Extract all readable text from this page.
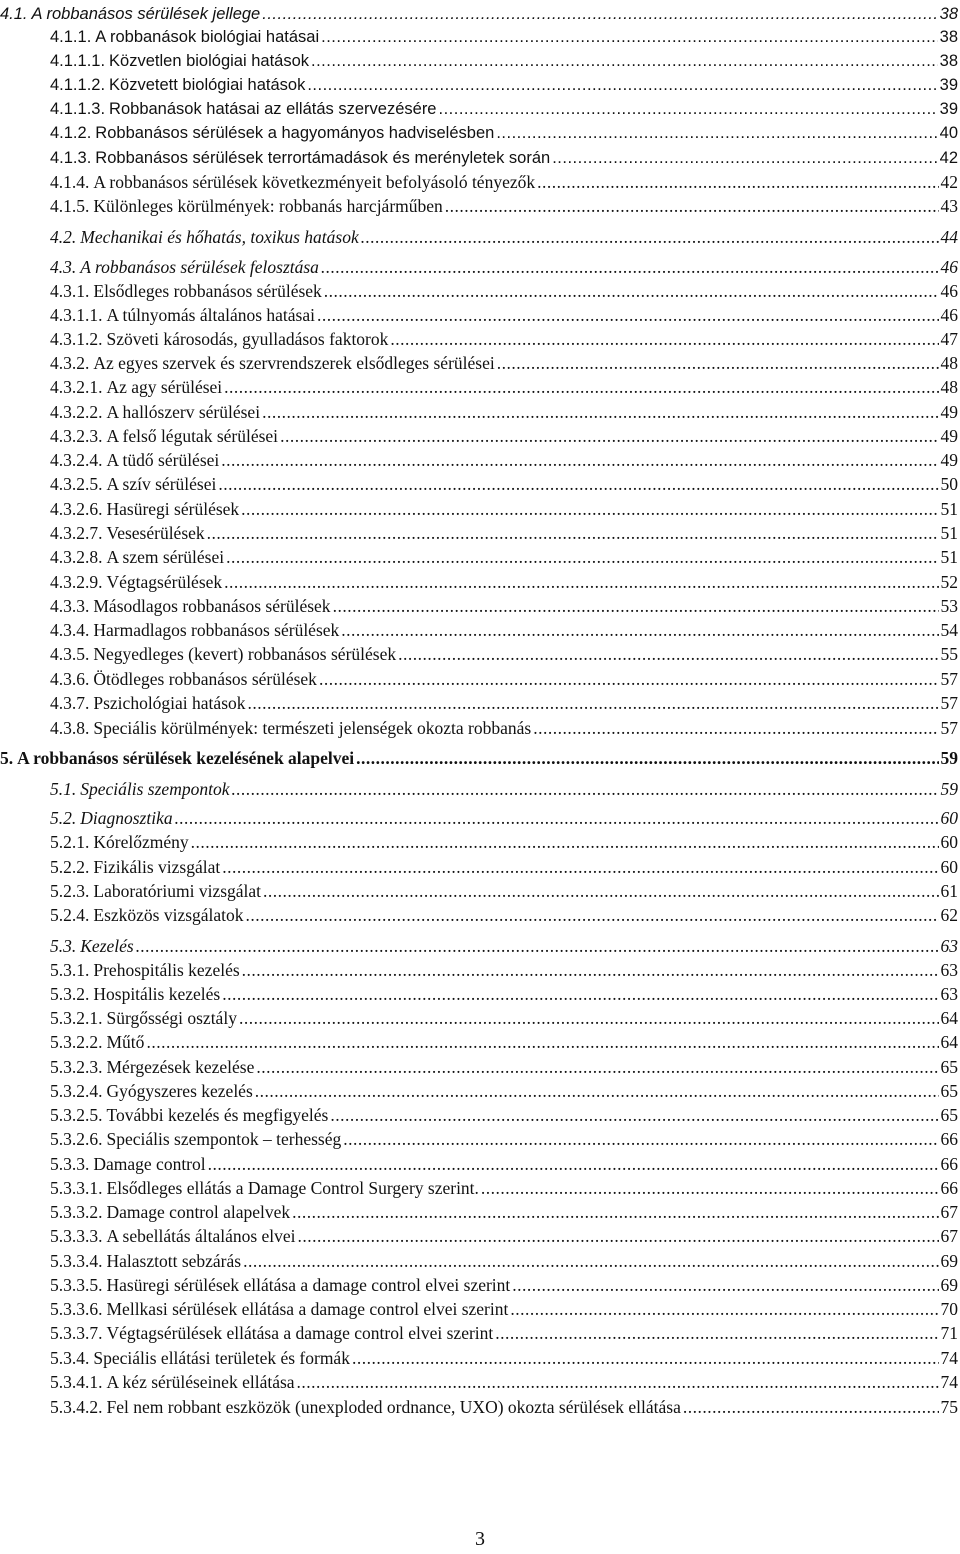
4.1. A robbanásos sérülések jellege .....	38
4.1.1. A robbanások biológiai hatásai .....	38
4.1.1.1. Közvetlen biológiai hatások .....	38
4.1.1.2. Közvetett biológiai hatások .....	39
4.1.1.3. Robbanások hatásai az ellátás szervezésére .....	39
4.1.2. Robbanásos sérülések a hagyományos hadviselésben .....	40
4.1.3. Robbanásos sérülések terrortámadások és merényletek során .....	42
4.1.4. A robbanásos sérülések következményeit befolyásoló tényezők .....	42
4.1.5. Különleges körülmények: robbanás harcjárműben .....	43
4.2. Mechanikai és hőhatás, toxikus hatások .....	44
4.3. A robbanásos sérülések felosztása .....	46
4.3.1. Elsődleges robbanásos sérülések .....	46
4.3.1.1. A túlnyomás általános hatásai .....	46
4.3.1.2. Szöveti károsodás, gyulladásos faktorok .....	47
4.3.2. Az egyes szervek és szervrendszerek elsődleges sérülései .....	48
4.3.2.1. Az agy sérülései .....	48
4.3.2.2. A hallószerv sérülései .....	49
4.3.2.3. A felső légutak sérülései .....	49
4.3.2.4. A tüdő sérülései .....	49
4.3.2.5. A szív sérülései .....	50
4.3.2.6. Hasüregi sérülések .....	51
4.3.2.7. Vesesérülések .....	51
4.3.2.8. A szem sérülései .....	51
4.3.2.9. Végtagsérülések .....	52
4.3.3. Másodlagos robbanásos sérülések .....	53
4.3.4. Harmadlagos robbanásos sérülések .....	54
4.3.5. Negyedleges (kevert) robbanásos sérülések .....	55
4.3.6. Ötödleges robbanásos sérülések .....	57
4.3.7. Pszichológiai hatások .....	57
4.3.8. Speciális körülmények: természeti jelenségek okozta robbanás .....	57
5. A robbanásos sérülések kezelésének alapelvei .....	59
5.1. Speciális szempontok .....	59
5.2. Diagnosztika .....	60
5.2.1. Kórelőzmény .....	60
5.2.2. Fizikális vizsgálat .....	60
5.2.3. Laboratóriumi vizsgálat .....	61
5.2.4. Eszközös vizsgálatok .....	62
5.3. Kezelés .....	63
5.3.1. Prehospitális kezelés .....	63
5.3.2. Hospitális kezelés .....	63
5.3.2.1. Sürgősségi osztály .....	64
5.3.2.2. Műtő .....	64
5.3.2.3. Mérgezések kezelése .....	65
5.3.2.4. Gyógyszeres kezelés .....	65
5.3.2.5. További kezelés és megfigyelés .....	65
5.3.2.6. Speciális szempontok – terhesség .....	66
5.3.3. Damage control .....	66
5.3.3.1. Elsődleges ellátás a Damage Control Surgery szerint. .....	66
5.3.3.2. Damage control alapelvek .....	67
5.3.3.3. A sebellátás általános elvei .....	67
5.3.3.4. Halasztott sebzárás .....	69
5.3.3.5. Hasüregi sérülések ellátása a damage control elvei szerint .....	69
5.3.3.6. Mellkasi sérülések ellátása a damage control elvei szerint .....	70
5.3.3.7. Végtagsérülések ellátása a damage control elvei szerint .....	71
5.3.4. Speciális ellátási területek és formák .....	74
5.3.4.1. A kéz sérüléseinek ellátása .....	74
5.3.4.2. Fel nem robbant eszközök (unexploded ordnance, UXO) okozta sérülések ellátása .....	75
3
